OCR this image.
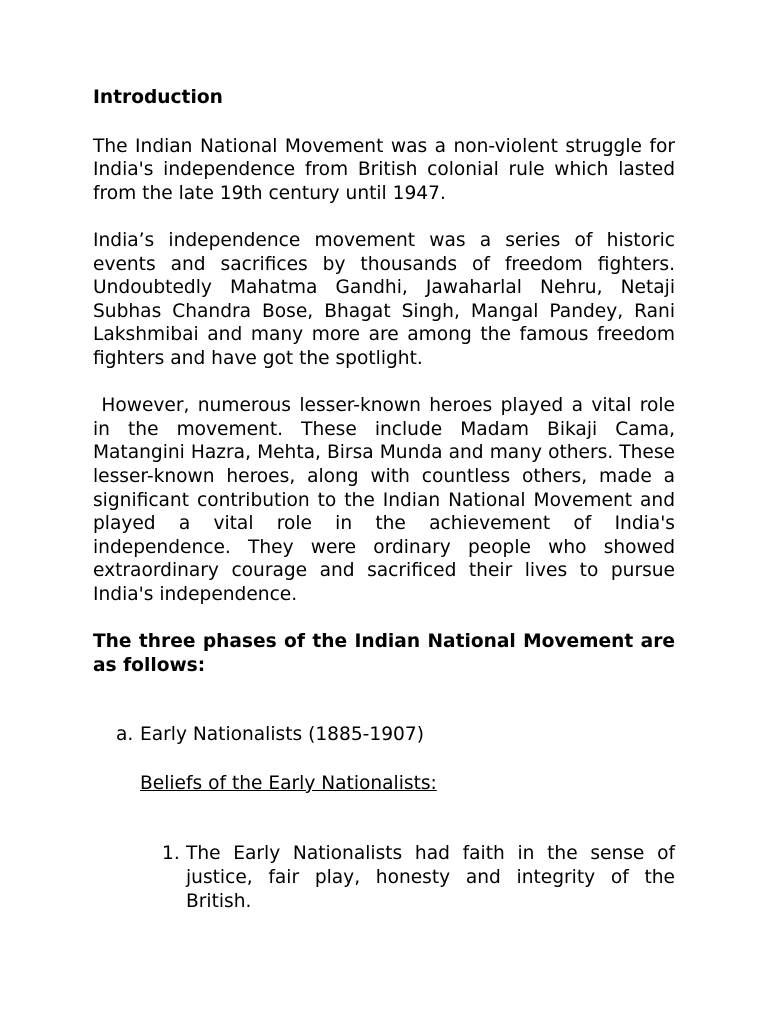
Introduction

The Indian National Movement was a non-violent struggle for India's independence from British colonial rule which lasted from the late 19th century until 1947.

India’s independence movement was a series of historic events and sacrifices by thousands of freedom fighters. Undoubtedly Mahatma Gandhi, Jawaharlal Nehru, Netaji Subhas Chandra Bose, Bhagat Singh, Mangal Pandey, Rani Lakshmibai and many more are among the famous freedom fighters and have got the spotlight.

However, numerous lesser-known heroes played a vital role in the movement. These include Madam Bikaji Cama, Matangini Hazra, Mehta, Birsa Munda and many others. These lesser-known heroes, along with countless others, made a significant contribution to the Indian National Movement and played a vital role in the achievement of India's independence. They were ordinary people who showed extraordinary courage and sacrificed their lives to pursue India's independence.

The three phases of the Indian National Movement are as follows:
a. Early Nationalists (1885-1907)
Beliefs of the Early Nationalists:
1. The Early Nationalists had faith in the sense of justice, fair play, honesty and integrity of the British.
